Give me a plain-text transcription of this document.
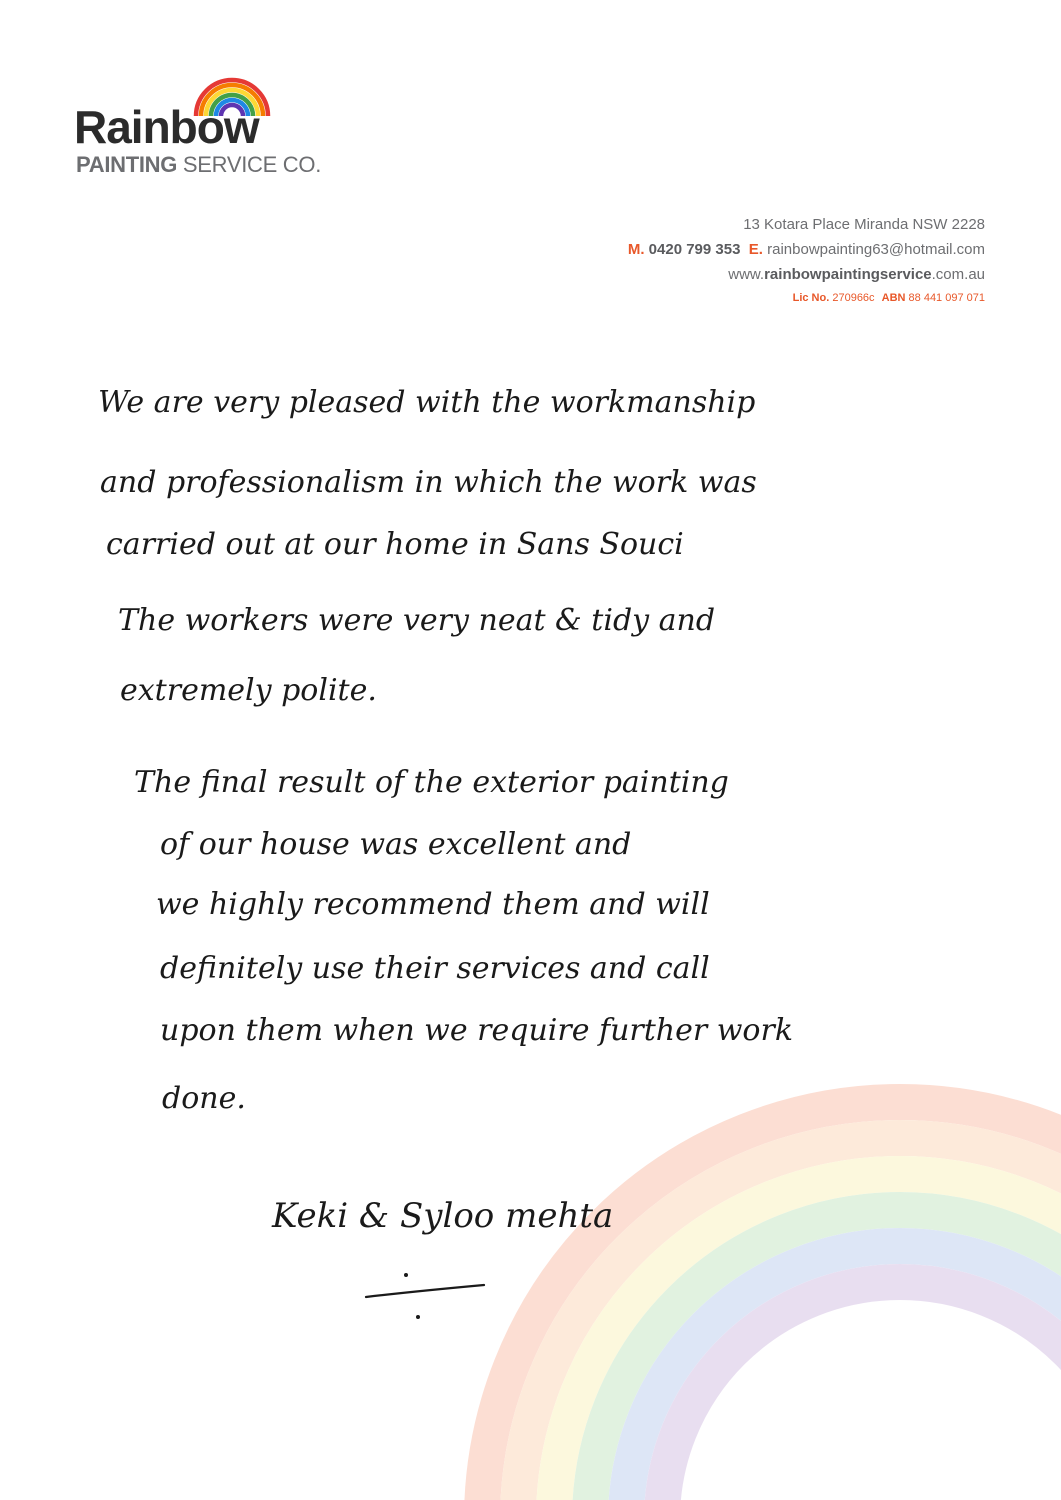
Rainbow
PAINTING SERVICE CO.
13 Kotara Place Miranda NSW 2228
M. 0420 799 353 E. rainbowpainting63@hotmail.com
www.rainbowpaintingservice.com.au
Lic No. 270966c ABN 88 441 097 071
We are very pleased with the workmanship
and professionalism in which the work was
carried out at our home in Sans Souci
The workers were very neat & tidy and
extremely polite.
The final result of the exterior painting
of our house was excellent and
we highly recommend them and will
definitely use their services and call
upon them when we require further work
done.
Keki & Syloo mehta
